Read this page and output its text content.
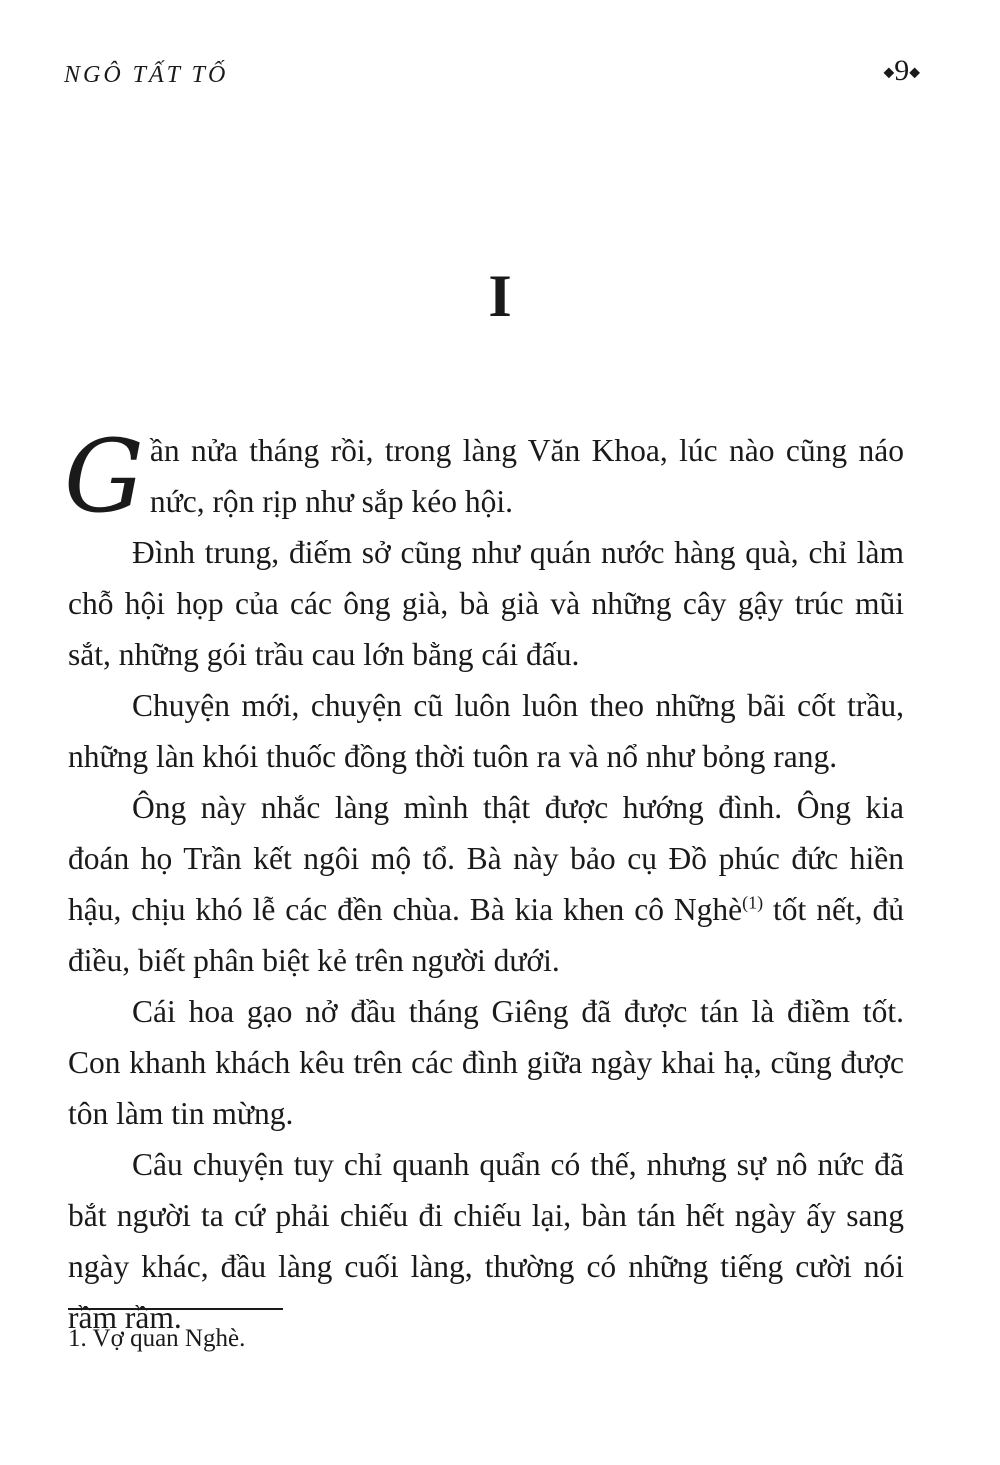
NGÔ TẤT TỐ	◆9◆
I

Gần nửa tháng rồi, trong làng Văn Khoa, lúc nào cũng náo nức, rộn rịp như sắp kéo hội.

Đình trung, điếm sở cũng như quán nước hàng quà, chỉ làm chỗ hội họp của các ông già, bà già và những cây gậy trúc mũi sắt, những gói trầu cau lớn bằng cái đấu.

Chuyện mới, chuyện cũ luôn luôn theo những bãi cốt trầu, những làn khói thuốc đồng thời tuôn ra và nổ như bỏng rang.

Ông này nhắc làng mình thật được hướng đình. Ông kia đoán họ Trần kết ngôi mộ tổ. Bà này bảo cụ Đồ phúc đức hiền hậu, chịu khó lễ các đền chùa. Bà kia khen cô Nghè$^{(1)}$ tốt nết, đủ điều, biết phân biệt kẻ trên người dưới.

Cái hoa gạo nở đầu tháng Giêng đã được tán là điềm tốt. Con khanh khách kêu trên các đình giữa ngày khai hạ, cũng được tôn làm tin mừng.

Câu chuyện tuy chỉ quanh quẩn có thế, nhưng sự nô nức đã bắt người ta cứ phải chiếu đi chiếu lại, bàn tán hết ngày ấy sang ngày khác, đầu làng cuối làng, thường có những tiếng cười nói rầm rầm.

1. Vợ quan Nghè.
